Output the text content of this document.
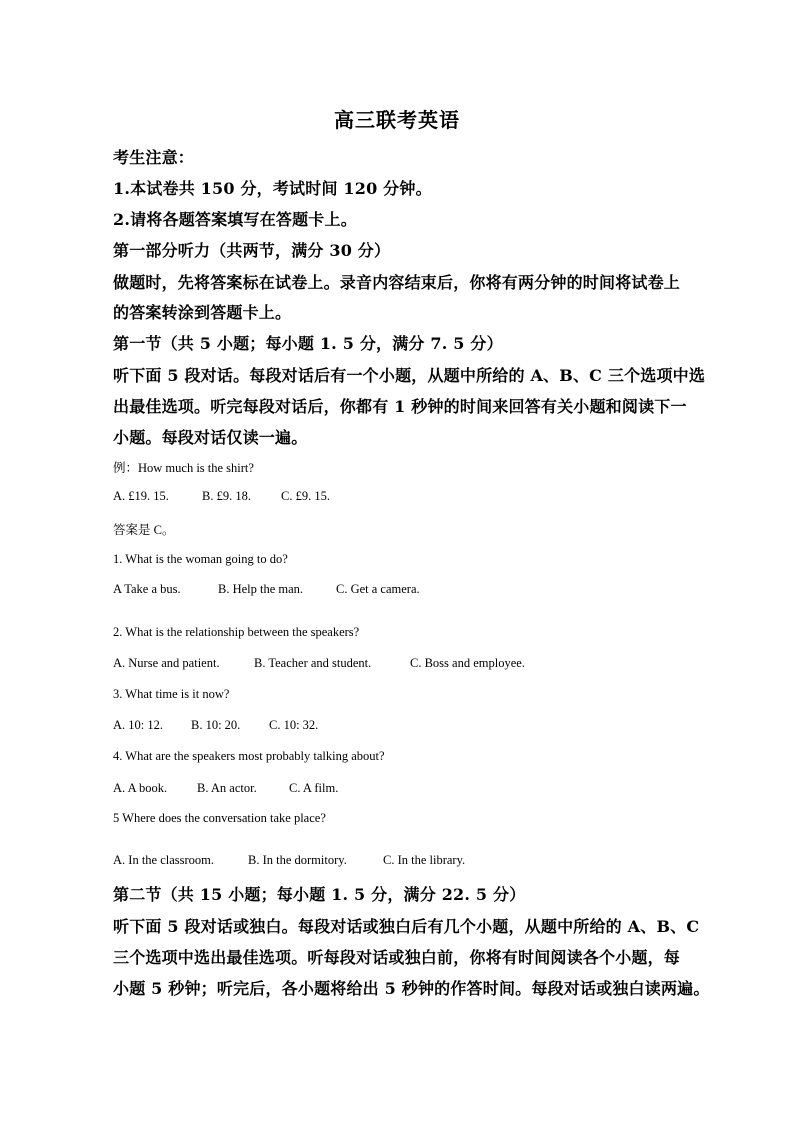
高三联考英语
考生注意：
1.本试卷共 150 分，考试时间 120 分钟。
2.请将各题答案填写在答题卡上。
第一部分听力（共两节，满分 30 分）
做题时，先将答案标在试卷上。录音内容结束后，你将有两分钟的时间将试卷上
的答案转涂到答题卡上。
第一节（共 5 小题；每小题 1. 5 分，满分 7. 5 分）
听下面 5 段对话。每段对话后有一个小题，从题中所给的 A、B、C 三个选项中选
出最佳选项。听完每段对话后，你都有 1 秒钟的时间来回答有关小题和阅读下一
小题。每段对话仅读一遍。
例：How much is the shirt?
A. £19. 15.	B. £9. 18. C. £9. 15.
答案是 C。
1. What is the woman going to do?
A Take a bus.	B. Help the man.	C. Get a camera.
2. What is the relationship between the speakers?
A. Nurse and patient.	B. Teacher and student.	C. Boss and employee.
3. What time is it now?
A. 10: 12. B. 10: 20. C. 10: 32.
4. What are the speakers most probably talking about?
A. A book. B. An actor.	C. A film.
5 Where does the conversation take place?
A. In the classroom.	B. In the dormitory.	C. In the library.
第二节（共 15 小题；每小题 1. 5 分，满分 22. 5 分）
听下面 5 段对话或独白。每段对话或独白后有几个小题，从题中所给的 A、B、C
三个选项中选出最佳选项。听每段对话或独白前，你将有时间阅读各个小题，每
小题 5 秒钟；听完后，各小题将给出 5 秒钟的作答时间。每段对话或独白读两遍。
